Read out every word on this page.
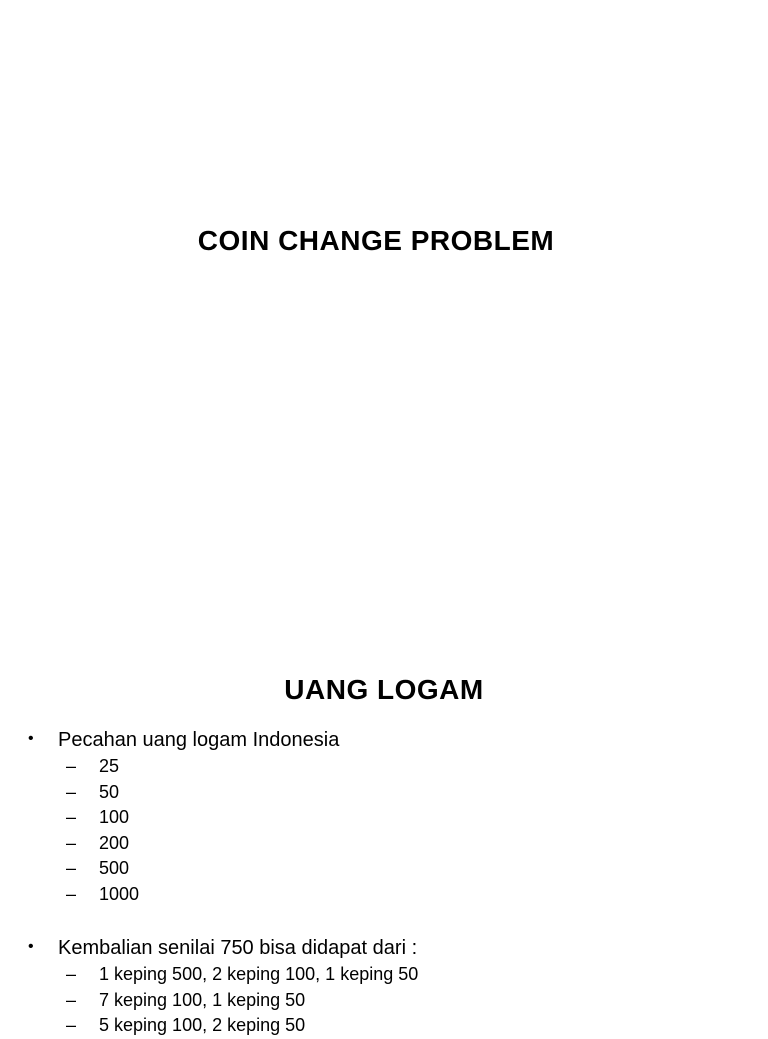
COIN CHANGE PROBLEM
UANG LOGAM
• Pecahan uang logam Indonesia
– 25
– 50
– 100
– 200
– 500
– 1000
• Kembalian senilai 750 bisa didapat dari :
– 1 keping 500, 2 keping 100, 1 keping 50
– 7 keping 100, 1 keping 50
– 5 keping 100, 2 keping 50
